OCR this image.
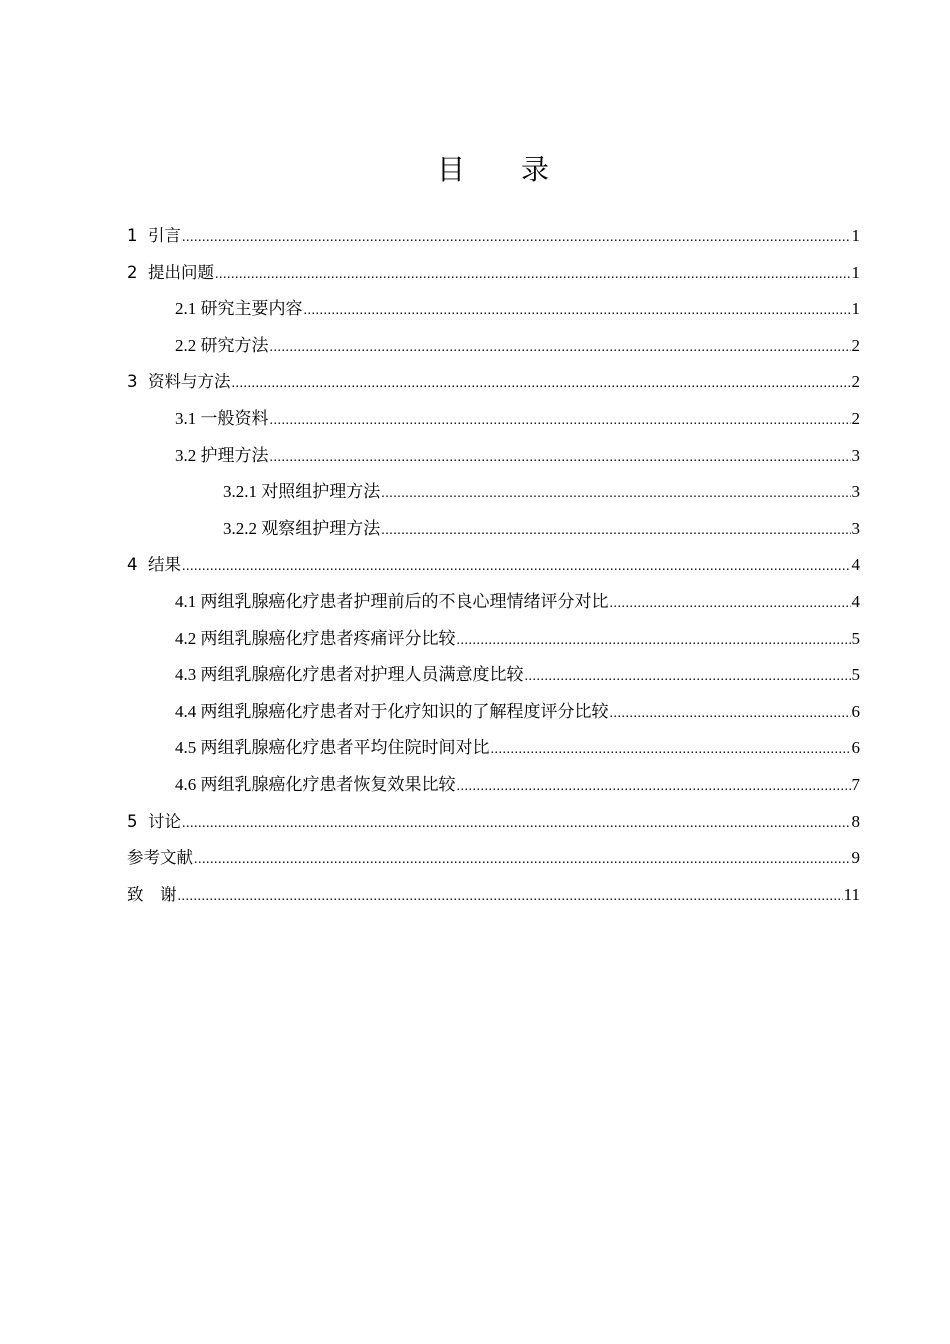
目　　录
1  引言 .....	1
2  提出问题 .....	1
2.1 研究主要内容 .....	1
2.2 研究方法 .....	2
3  资料与方法 .....	2
3.1 一般资料 .....	2
3.2 护理方法 .....	3
3.2.1 对照组护理方法 .....	3
3.2.2 观察组护理方法 .....	3
4  结果 .....	4
4.1 两组乳腺癌化疗患者护理前后的不良心理情绪评分对比 .....	4
4.2 两组乳腺癌化疗患者疼痛评分比较 .....	5
4.3 两组乳腺癌化疗患者对护理人员满意度比较 .....	5
4.4 两组乳腺癌化疗患者对于化疗知识的了解程度评分比较 .....	6
4.5 两组乳腺癌化疗患者平均住院时间对比 .....	6
4.6 两组乳腺癌化疗患者恢复效果比较 .....	7
5  讨论 .....	8
参考文献 .....	9
致　谢 .....	11
